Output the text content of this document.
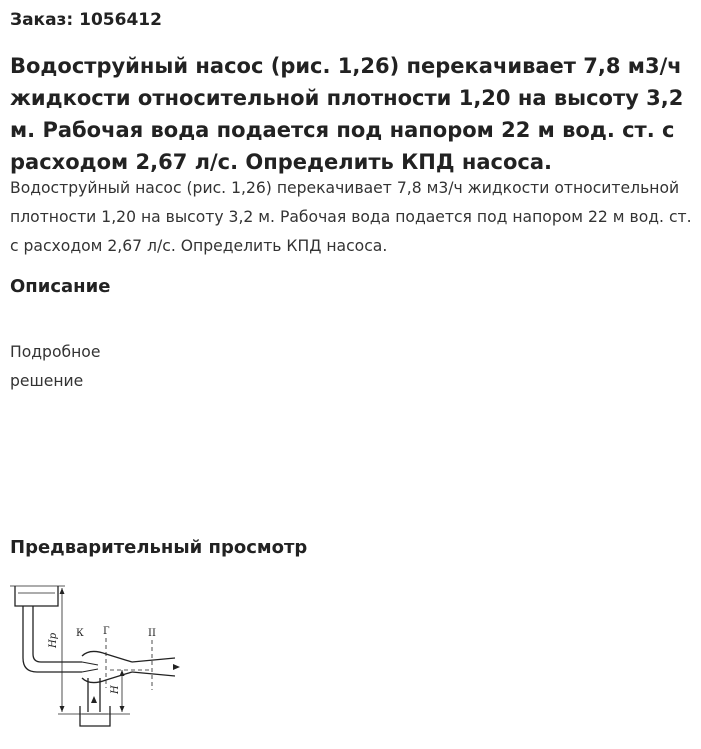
Заказ: 1056412

Водоструйный насос (рис. 1,26) перекачивает 7,8 м3/ч жидкости относительной плотности 1,20 на высоту 3,2 м. Рабочая вода подается под напором 22 м вод. ст. с расходом 2,67 л/с. Определить КПД насоса.

Водоструйный насос (рис. 1,26) перекачивает 7,8 м3/ч жидкости относительной плотности 1,20 на высоту 3,2 м. Рабочая вода подается под напором 22 м вод. ст. с расходом 2,67 л/с. Определить КПД насоса.

Описание
Подробное
решение
Предварительный просмотр
К Г	II
Hр
H
